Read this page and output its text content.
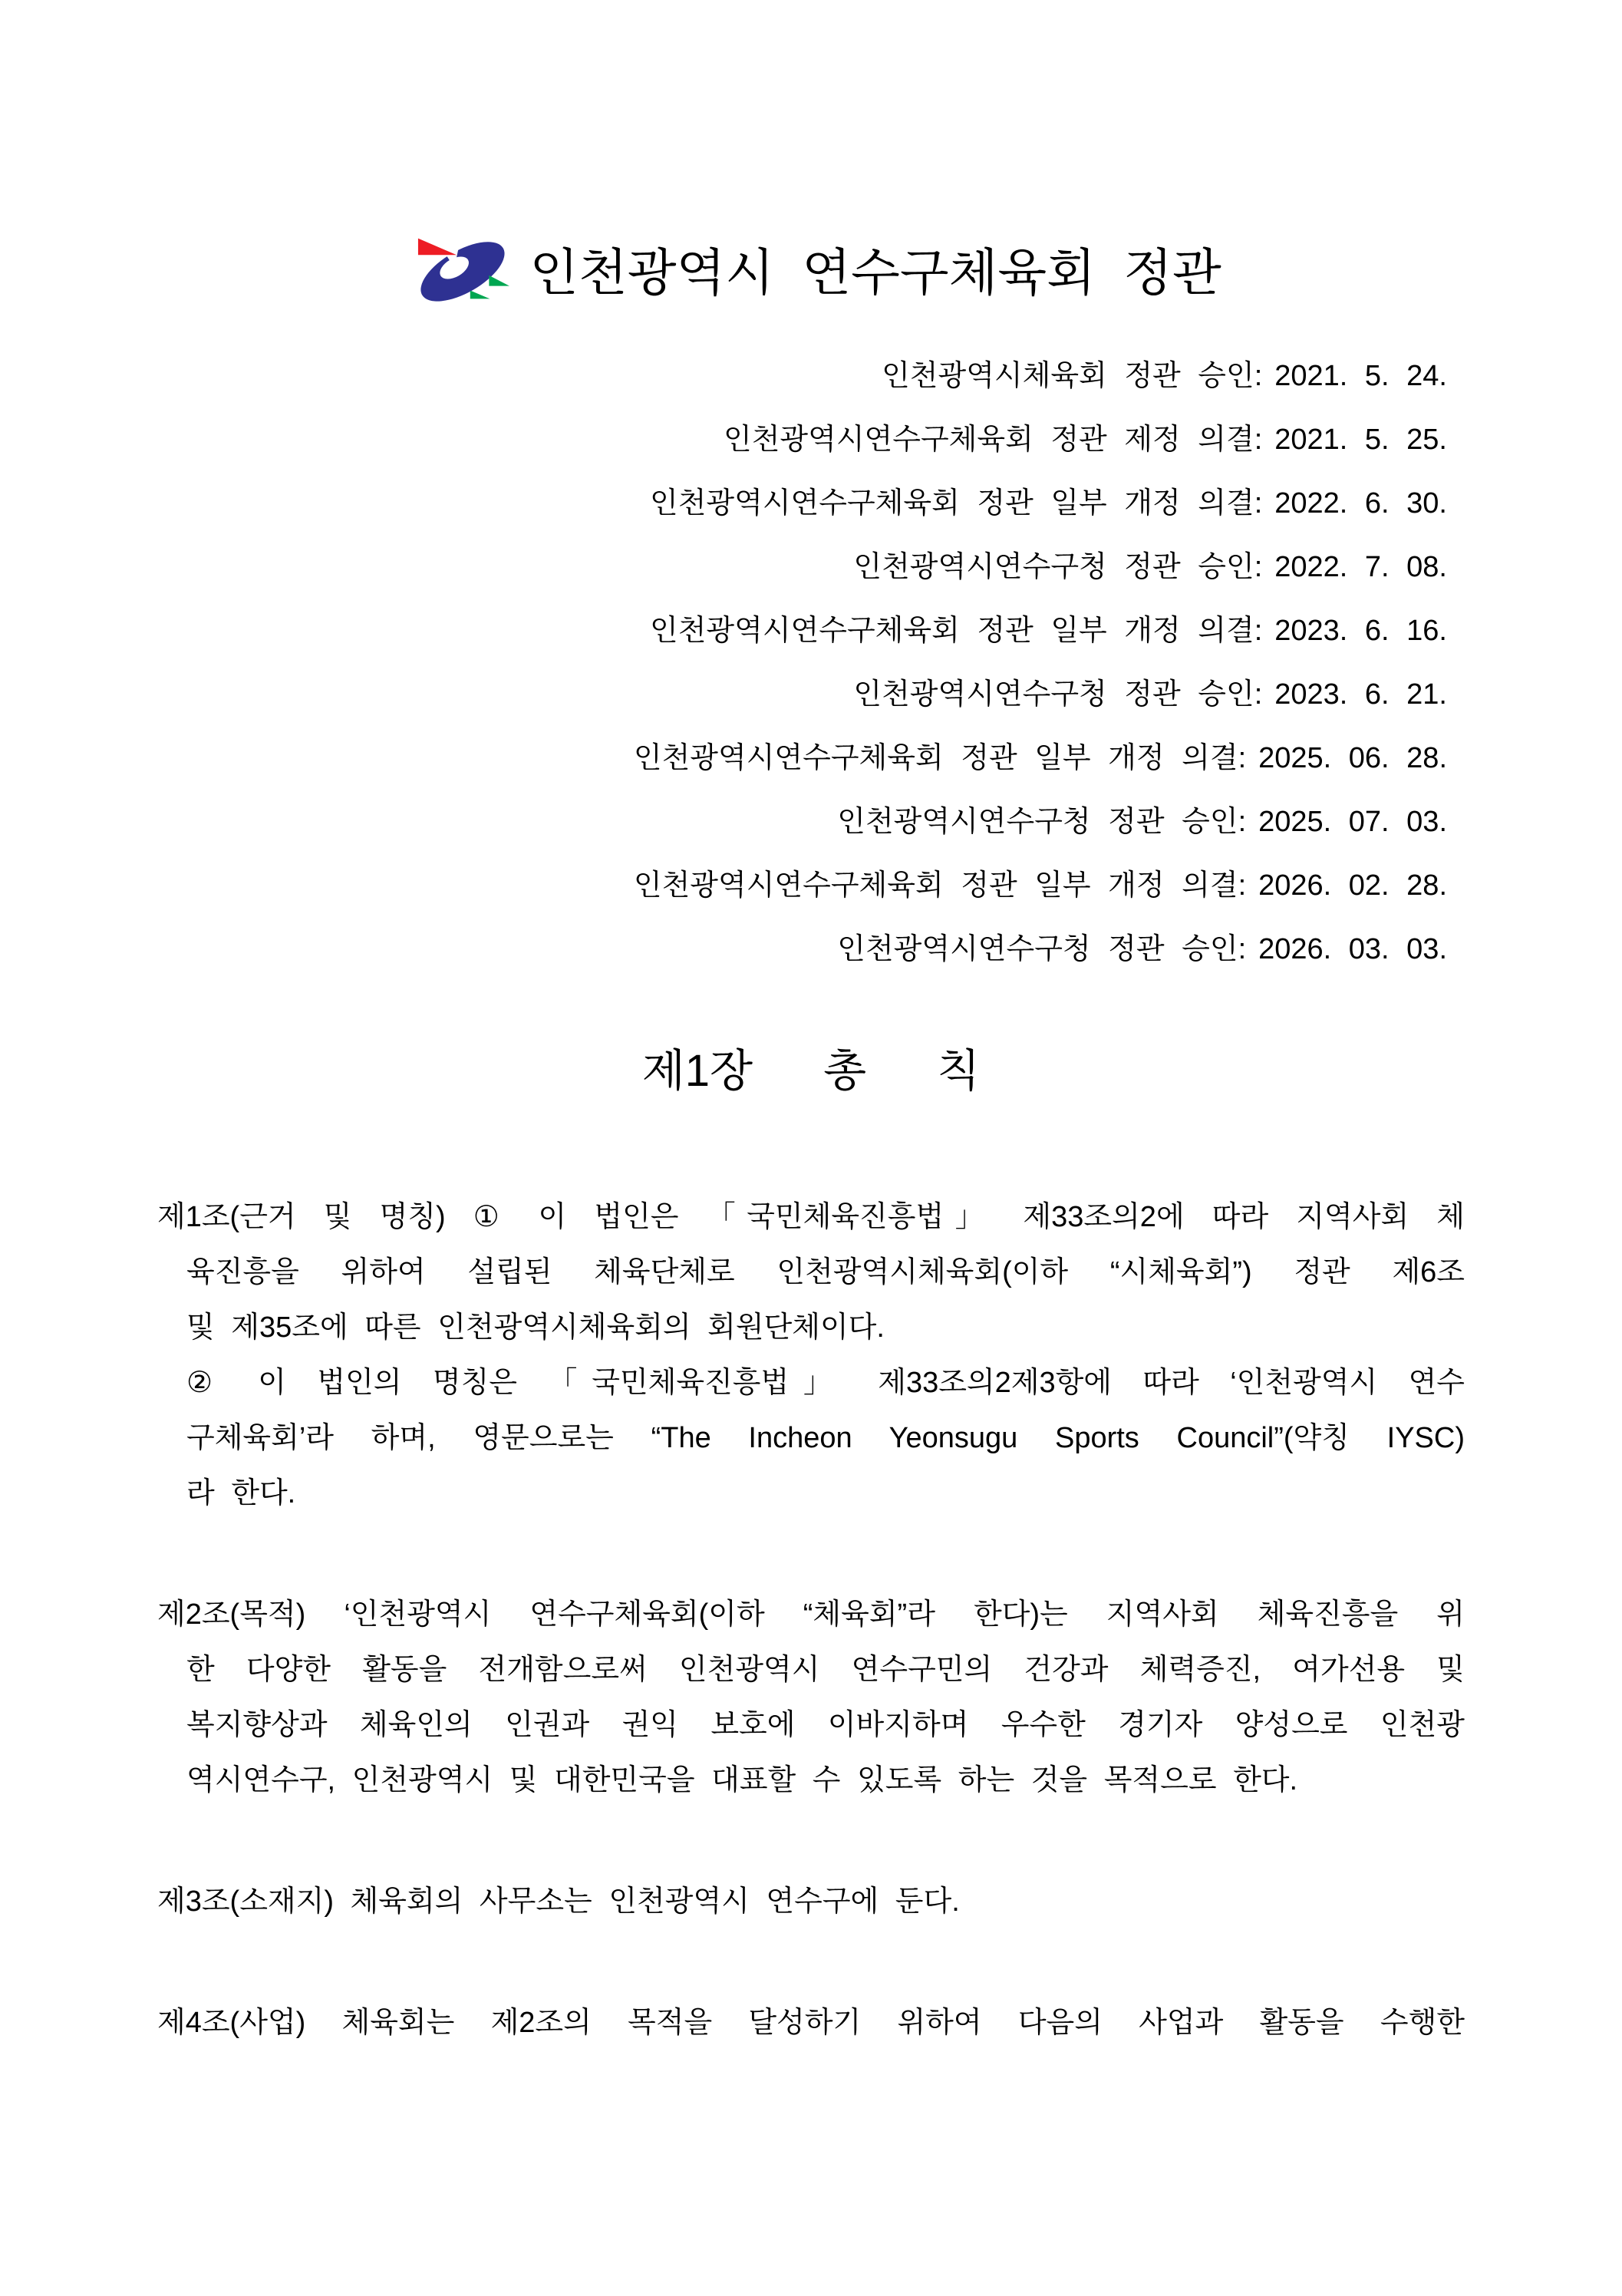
인천광역시 연수구체육회 정관
인천광역시체육회 정관 승인: 2021. 5. 24.
인천광역시연수구체육회 정관 제정 의결: 2021. 5. 25.
인천광역시연수구체육회 정관 일부 개정 의결: 2022. 6. 30.
인천광역시연수구청 정관 승인: 2022. 7. 08.
인천광역시연수구체육회 정관 일부 개정 의결: 2023. 6. 16.
인천광역시연수구청 정관 승인: 2023. 6. 21.
인천광역시연수구체육회 정관 일부 개정 의결: 2025. 06. 28.
인천광역시연수구청 정관 승인: 2025. 07. 03.
인천광역시연수구체육회 정관 일부 개정 의결: 2026. 02. 28.
인천광역시연수구청 정관 승인: 2026. 03. 03.
제1장 총 칙
제1조(근거 및 명칭) ① 이 법인은 「국민체육진흥법」 제33조의2에 따라 지역사회 체
육진흥을 위하여 설립된 체육단체로 인천광역시체육회(이하 “시체육회”) 정관 제6조
및 제35조에 따른 인천광역시체육회의 회원단체이다.
② 이 법인의 명칭은 「국민체육진흥법」 제33조의2제3항에 따라 ‘인천광역시 연수
구체육회’라 하며, 영문으로는 “The Incheon Yeonsugu Sports Council”(약칭 IYSC)
라 한다.
제2조(목적) ‘인천광역시 연수구체육회(이하 “체육회”라 한다)는 지역사회 체육진흥을 위
한 다양한 활동을 전개함으로써 인천광역시 연수구민의 건강과 체력증진, 여가선용 및
복지향상과 체육인의 인권과 권익 보호에 이바지하며 우수한 경기자 양성으로 인천광
역시연수구, 인천광역시 및 대한민국을 대표할 수 있도록 하는 것을 목적으로 한다.
제3조(소재지) 체육회의 사무소는 인천광역시 연수구에 둔다.
제4조(사업) 체육회는 제2조의 목적을 달성하기 위하여 다음의 사업과 활동을 수행한
